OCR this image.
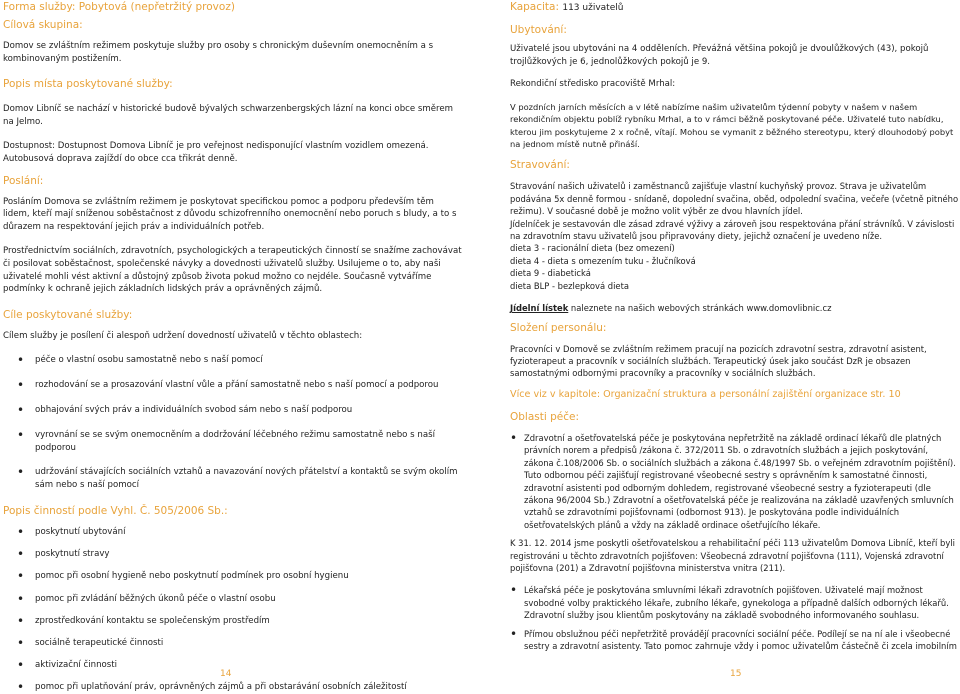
Forma služby: Pobytová (nepřetržitý provoz)

Cílová skupina:

Domov se zvláštním režimem poskytuje služby pro osoby s chronickým duševním onemocněním a s kombinovaným postižením.

Popis místa poskytované služby:

Domov Libníč se nachází v historické budově bývalých schwarzenbergských lázní na konci obce směrem na Jelmo.

Dostupnost: Dostupnost Domova Libníč je pro veřejnost nedisponující vlastním vozidlem omezená. Autobusová doprava zajíždí do obce cca třikrát denně.

Poslání:

Posláním Domova se zvláštním režimem je poskytovat specifickou pomoc a podporu především těm lidem, kteří mají sníženou soběstačnost z důvodu schizofrenního onemocnění nebo poruch s bludy, a to s důrazem na respektování jejich práv a individuálních potřeb.

Prostřednictvím sociálních, zdravotních, psychologických a terapeutických činností se snažíme zachovávat či posilovat soběstačnost, společenské návyky a dovednosti uživatelů služby. Usilujeme o to, aby naši uživatelé mohli vést aktivní a důstojný způsob života pokud možno co nejdéle. Současně vytváříme podmínky k ochraně jejich základních lidských práv a oprávněných zájmů.

Cíle poskytované služby:

Cílem služby je posílení či alespoň udržení dovedností uživatelů v těchto oblastech:

• péče o vlastní osobu samostatně nebo s naší pomocí
• rozhodování se a prosazování vlastní vůle a přání samostatně nebo s naší pomocí a podporou
• obhajování svých práv a individuálních svobod sám nebo s naší podporou
• vyrovnání se se svým onemocněním a dodržování léčebného režimu samostatně nebo s naší podporou
• udržování stávajících sociálních vztahů a navazování nových přátelství a kontaktů se svým okolím sám nebo s naší pomocí

Popis činností podle Vyhl. Č. 505/2006 Sb.:

• poskytnutí ubytování
• poskytnutí stravy
• pomoc při osobní hygieně nebo poskytnutí podmínek pro osobní hygienu
• pomoc při zvládání běžných úkonů péče o vlastní osobu
• zprostředkování kontaktu se společenským prostředím
• sociálně terapeutické činnosti
• aktivizační činnosti
• pomoc při uplatňování práv, oprávněných zájmů a při obstarávání osobních záležitostí
14

Kapacita: 113 uživatelů

Ubytování:

Uživatelé jsou ubytováni na 4 odděleních. Převážná většina pokojů je dvoulůžkových (43), pokojů trojlůžkových je 6, jednolůžkových pokojů je 9.

Rekondiční středisko pracoviště Mrhal:

V pozdních jarních měsících a v létě nabízíme našim uživatelům týdenní pobyty v našem v našem rekondičním objektu poblíž rybníku Mrhal, a to v rámci běžně poskytované péče. Uživatelé tuto nabídku, kterou jim poskytujeme 2 x ročně, vítají. Mohou se vymanit z běžného stereotypu, který dlouhodobý pobyt na jednom místě nutně přináší.

Stravování:

Stravování našich uživatelů i zaměstnanců zajišťuje vlastní kuchyňský provoz. Strava je uživatelům podávána 5x denně formou - snídaně, dopolední svačina, oběd, odpolední svačina, večeře (včetně pitného režimu). V současné době je možno volit výběr ze dvou hlavních jídel.

Jídelníček je sestavován dle zásad zdravé výživy a zároveň jsou respektována přání strávníků. V závislosti na zdravotním stavu uživatelů jsou připravovány diety, jejichž označení je uvedeno níže.

dieta 3 - racionální dieta (bez omezení)
dieta 4 - dieta s omezením tuku - žlučníková
dieta 9 - diabetická
dieta BLP - bezlepková dieta

Jídelní lístek naleznete na našich webových stránkách www.domovlibnic.cz

Složení personálu:

Pracovníci v Domově se zvláštním režimem pracují na pozicích zdravotní sestra, zdravotní asistent, fyzioterapeut a pracovník v sociálních službách. Terapeutický úsek jako součást DzR je obsazen samostatnými odbornými pracovníky a pracovníky v sociálních službách.

Více viz v kapitole: Organizační struktura a personální zajištění organizace str. 10

Oblasti péče:

• Zdravotní a ošetřovatelská péče je poskytována nepřetržitě na základě ordinací lékařů dle platných právních norem a předpisů /zákona č. 372/2011 Sb. o zdravotních službách a jejich poskytování, zákona č.108/2006 Sb. o sociálních službách a zákona č.48/1997 Sb. o veřejném zdravotním pojištění). Tuto odbornou péči zajišťují registrované všeobecné sestry s oprávněním k samostatné činnosti, zdravotní asistenti pod odborným dohledem, registrované všeobecné sestry a fyzioterapeuti (dle zákona 96/2004 Sb.) Zdravotní a ošetřovatelská péče je realizována na základě uzavřených smluvních vztahů se zdravotními pojišťovnami (odbornost 913). Je poskytována podle individuálních ošetřovatelských plánů a vždy na základě ordinace ošetřujícího lékaře.

K 31. 12. 2014 jsme poskytli ošetřovatelskou a rehabilitační péči 113 uživatelům Domova Libníč, kteří byli registrováni u těchto zdravotních pojišťoven: Všeobecná zdravotní pojišťovna (111), Vojenská zdravotní pojišťovna (201) a Zdravotní pojišťovna ministerstva vnitra (211).

• Lékařská péče je poskytována smluvními lékaři zdravotních pojišťoven. Uživatelé mají možnost svobodné volby praktického lékaře, zubního lékaře, gynekologa a případně dalších odborných lékařů. Zdravotní služby jsou klientům poskytovány na základě svobodného informovaného souhlasu.
• Přímou obslužnou péči nepřetržitě provádějí pracovníci sociální péče. Podílejí se na ní ale i všeobecné sestry a zdravotní asistenty. Tato pomoc zahrnuje vždy i pomoc uživatelům částečně či zcela imobilním
15
